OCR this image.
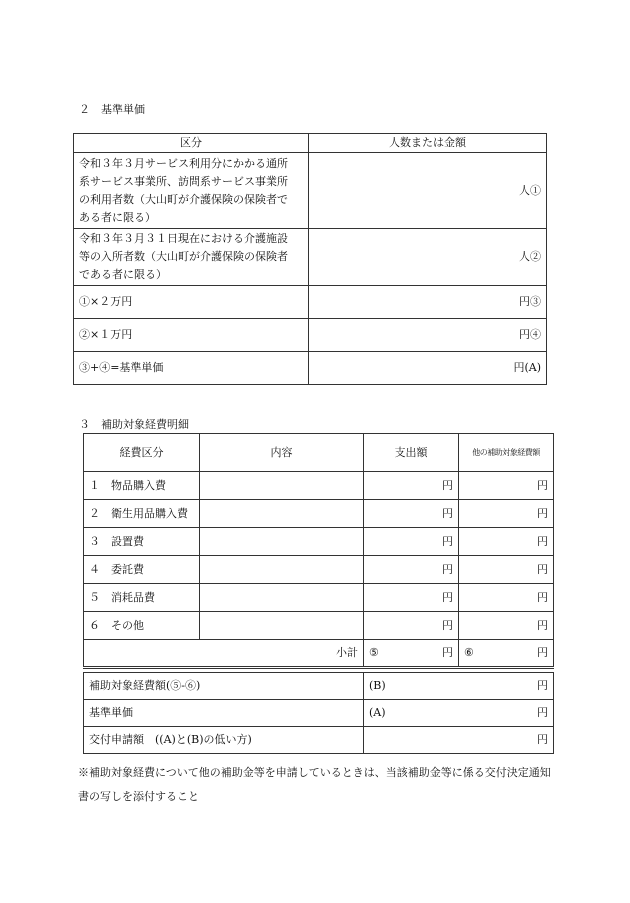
２　基準単価
区分	人数または金額
令和３年３月サービス利用分にかかる通所
系サービス事業所、訪問系サービス事業所
の利用者数（大山町が介護保険の保険者で
ある者に限る）	人①
令和３年３月３１日現在における介護施設
等の入所者数（大山町が介護保険の保険者
である者に限る）	人②
①×２万円	円③
②×１万円	円④
③+④=基準単価	円(A)
３　補助対象経費明細
経費区分	内容	支出額	他の補助対象経費額
１　物品購入費		円	円
２　衛生用品購入費		円	円
３　設置費		円	円
４　委託費		円	円
５　消耗品費		円	円
６　その他		円	円
小計		⑤ 円	⑥ 円
補助対象経費額(⑤-⑥)	(B) 円

基準単価	(A) 円

交付申請額　((A)と(B)の低い方)	円
※補助対象経費について他の補助金等を申請しているときは、当該補助金等に係る交付決定通知書の写しを添付すること
